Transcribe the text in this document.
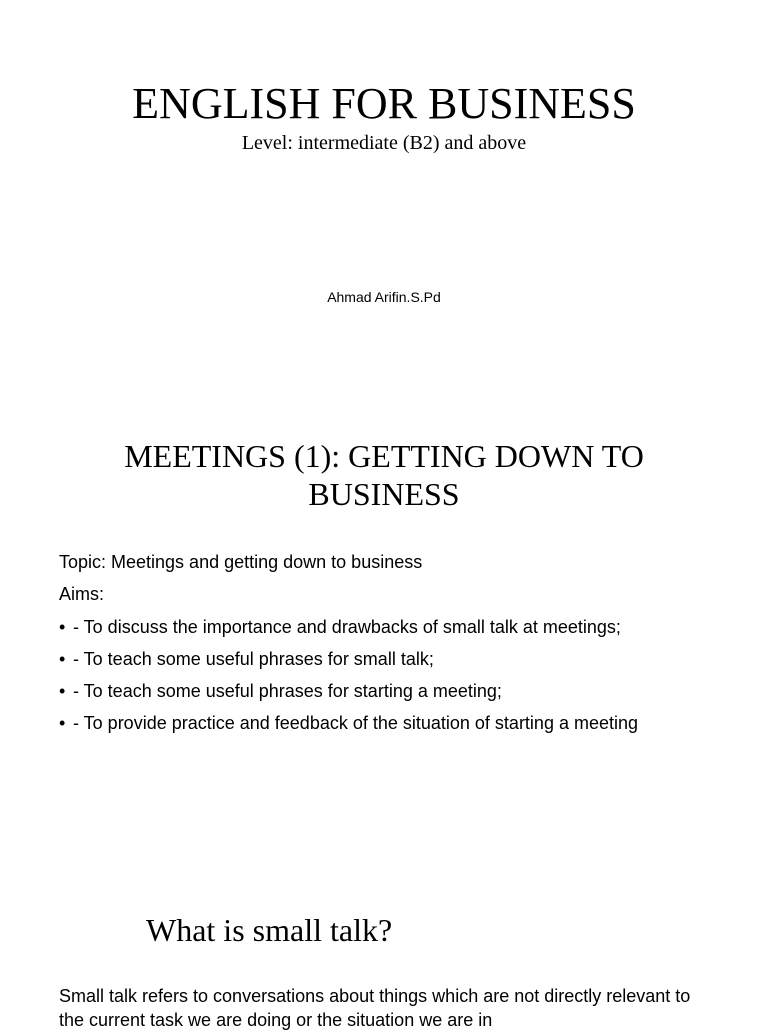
ENGLISH FOR BUSINESS
Level: intermediate (B2) and above
Ahmad Arifin.S.Pd
MEETINGS (1): GETTING DOWN TO BUSINESS
Topic: Meetings and getting down to business
Aims:
• - To discuss the importance and drawbacks of small talk at meetings;
• - To teach some useful phrases for small talk;
• - To teach some useful phrases for starting a meeting;
• - To provide practice and feedback of the situation of starting a meeting
What is small talk?
Small talk refers to conversations about things which are not directly relevant to the current task we are doing or the situation we are in
